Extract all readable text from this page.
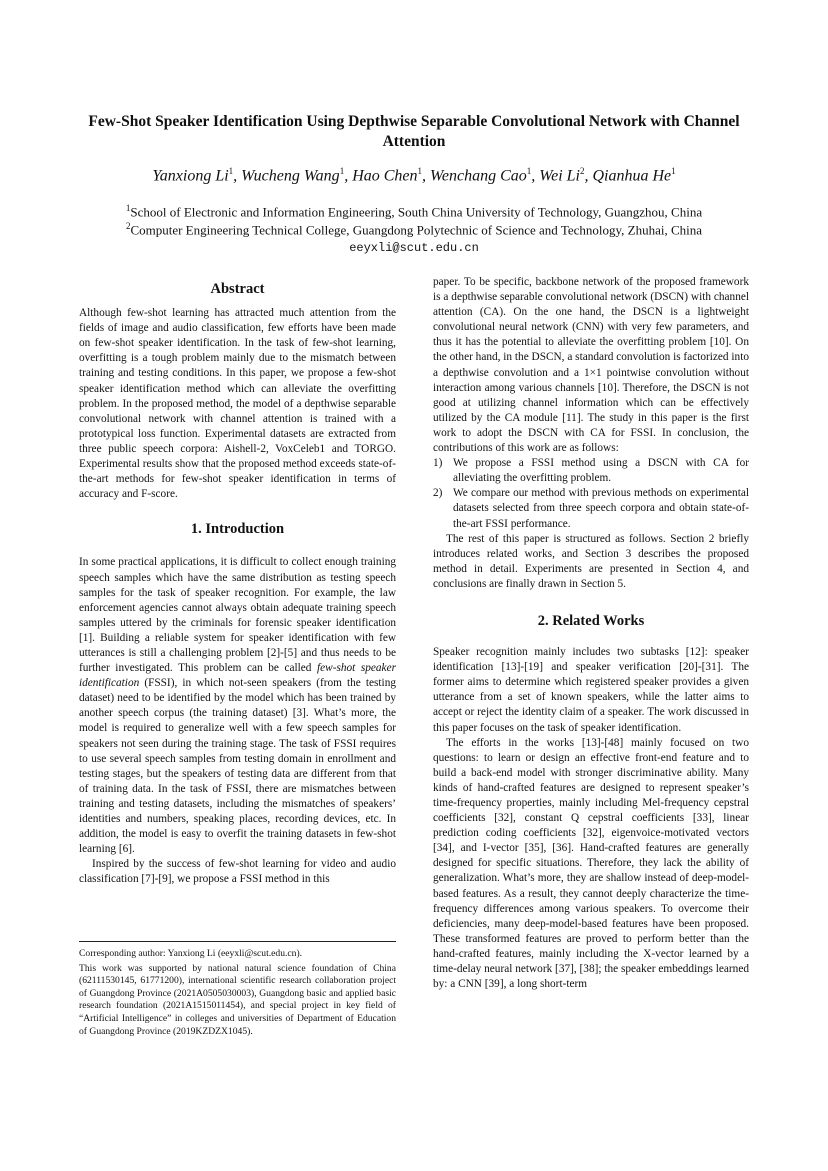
Few-Shot Speaker Identification Using Depthwise Separable Convolutional Network with Channel Attention
Yanxiong Li$^1$, Wucheng Wang$^1$, Hao Chen$^1$, Wenchang Cao$^1$, Wei Li$^2$, Qianhua He$^1$
$^1$School of Electronic and Information Engineering, South China University of Technology, Guangzhou, China
$^2$Computer Engineering Technical College, Guangdong Polytechnic of Science and Technology, Zhuhai, China
eeyxli@scut.edu.cn
Abstract

Although few-shot learning has attracted much attention from the fields of image and audio classification, few efforts have been made on few-shot speaker identification. In the task of few-shot learning, overfitting is a tough problem mainly due to the mismatch between training and testing conditions. In this paper, we propose a few-shot speaker identification method which can alleviate the overfitting problem. In the proposed method, the model of a depthwise separable convolutional network with channel attention is trained with a prototypical loss function. Experimental datasets are extracted from three public speech corpora: Aishell-2, VoxCeleb1 and TORGO. Experimental results show that the proposed method exceeds state-of-the-art methods for few-shot speaker identification in terms of accuracy and F-score.

1. Introduction

In some practical applications, it is difficult to collect enough training speech samples which have the same distribution as testing speech samples for the task of speaker recognition. For example, the law enforcement agencies cannot always obtain adequate training speech samples uttered by the criminals for forensic speaker identification [1]. Building a reliable system for speaker identification with few utterances is still a challenging problem [2]-[5] and thus needs to be further investigated. This problem can be called few-shot speaker identification (FSSI), in which not-seen speakers (from the testing dataset) need to be identified by the model which has been trained by another speech corpus (the training dataset) [3]. What’s more, the model is required to generalize well with a few speech samples for speakers not seen during the training stage. The task of FSSI requires to use several speech samples from testing domain in enrollment and testing stages, but the speakers of testing data are different from that of training data. In the task of FSSI, there are mismatches between training and testing datasets, including the mismatches of speakers’ identities and numbers, speaking places, recording devices, etc. In addition, the model is easy to overfit the training datasets in few-shot learning [6].

Inspired by the success of few-shot learning for video and audio classification [7]-[9], we propose a FSSI method in this

Corresponding author: Yanxiong Li (eeyxli@scut.edu.cn).

This work was supported by national natural science foundation of China (62111530145, 61771200), international scientific research collaboration project of Guangdong Province (2021A0505030003), Guangdong basic and applied basic research foundation (2021A1515011454), and special project in key field of “Artificial Intelligence” in colleges and universities of Department of Education of Guangdong Province (2019KZDZX1045).

paper. To be specific, backbone network of the proposed framework is a depthwise separable convolutional network (DSCN) with channel attention (CA). On the one hand, the DSCN is a lightweight convolutional neural network (CNN) with very few parameters, and thus it has the potential to alleviate the overfitting problem [10]. On the other hand, in the DSCN, a standard convolution is factorized into a depthwise convolution and a 1×1 pointwise convolution without interaction among various channels [10]. Therefore, the DSCN is not good at utilizing channel information which can be effectively utilized by the CA module [11]. The study in this paper is the first work to adopt the DSCN with CA for FSSI. In conclusion, the contributions of this work are as follows:

1) We propose a FSSI method using a DSCN with CA for alleviating the overfitting problem.
2) We compare our method with previous methods on experimental datasets selected from three speech corpora and obtain state-of-the-art FSSI performance.

The rest of this paper is structured as follows. Section 2 briefly introduces related works, and Section 3 describes the proposed method in detail. Experiments are presented in Section 4, and conclusions are finally drawn in Section 5.

2. Related Works

Speaker recognition mainly includes two subtasks [12]: speaker identification [13]-[19] and speaker verification [20]-[31]. The former aims to determine which registered speaker provides a given utterance from a set of known speakers, while the latter aims to accept or reject the identity claim of a speaker. The work discussed in this paper focuses on the task of speaker identification.

The efforts in the works [13]-[48] mainly focused on two questions: to learn or design an effective front-end feature and to build a back-end model with stronger discriminative ability. Many kinds of hand-crafted features are designed to represent speaker’s time-frequency properties, mainly including Mel-frequency cepstral coefficients [32], constant Q cepstral coefficients [33], linear prediction coding coefficients [32], eigenvoice-motivated vectors [34], and I-vector [35], [36]. Hand-crafted features are generally designed for specific situations. Therefore, they lack the ability of generalization. What’s more, they are shallow instead of deep-model-based features. As a result, they cannot deeply characterize the time-frequency differences among various speakers. To overcome their deficiencies, many deep-model-based features have been proposed. These transformed features are proved to perform better than the hand-crafted features, mainly including the X-vector learned by a time-delay neural network [37], [38]; the speaker embeddings learned by: a CNN [39], a long short-term
